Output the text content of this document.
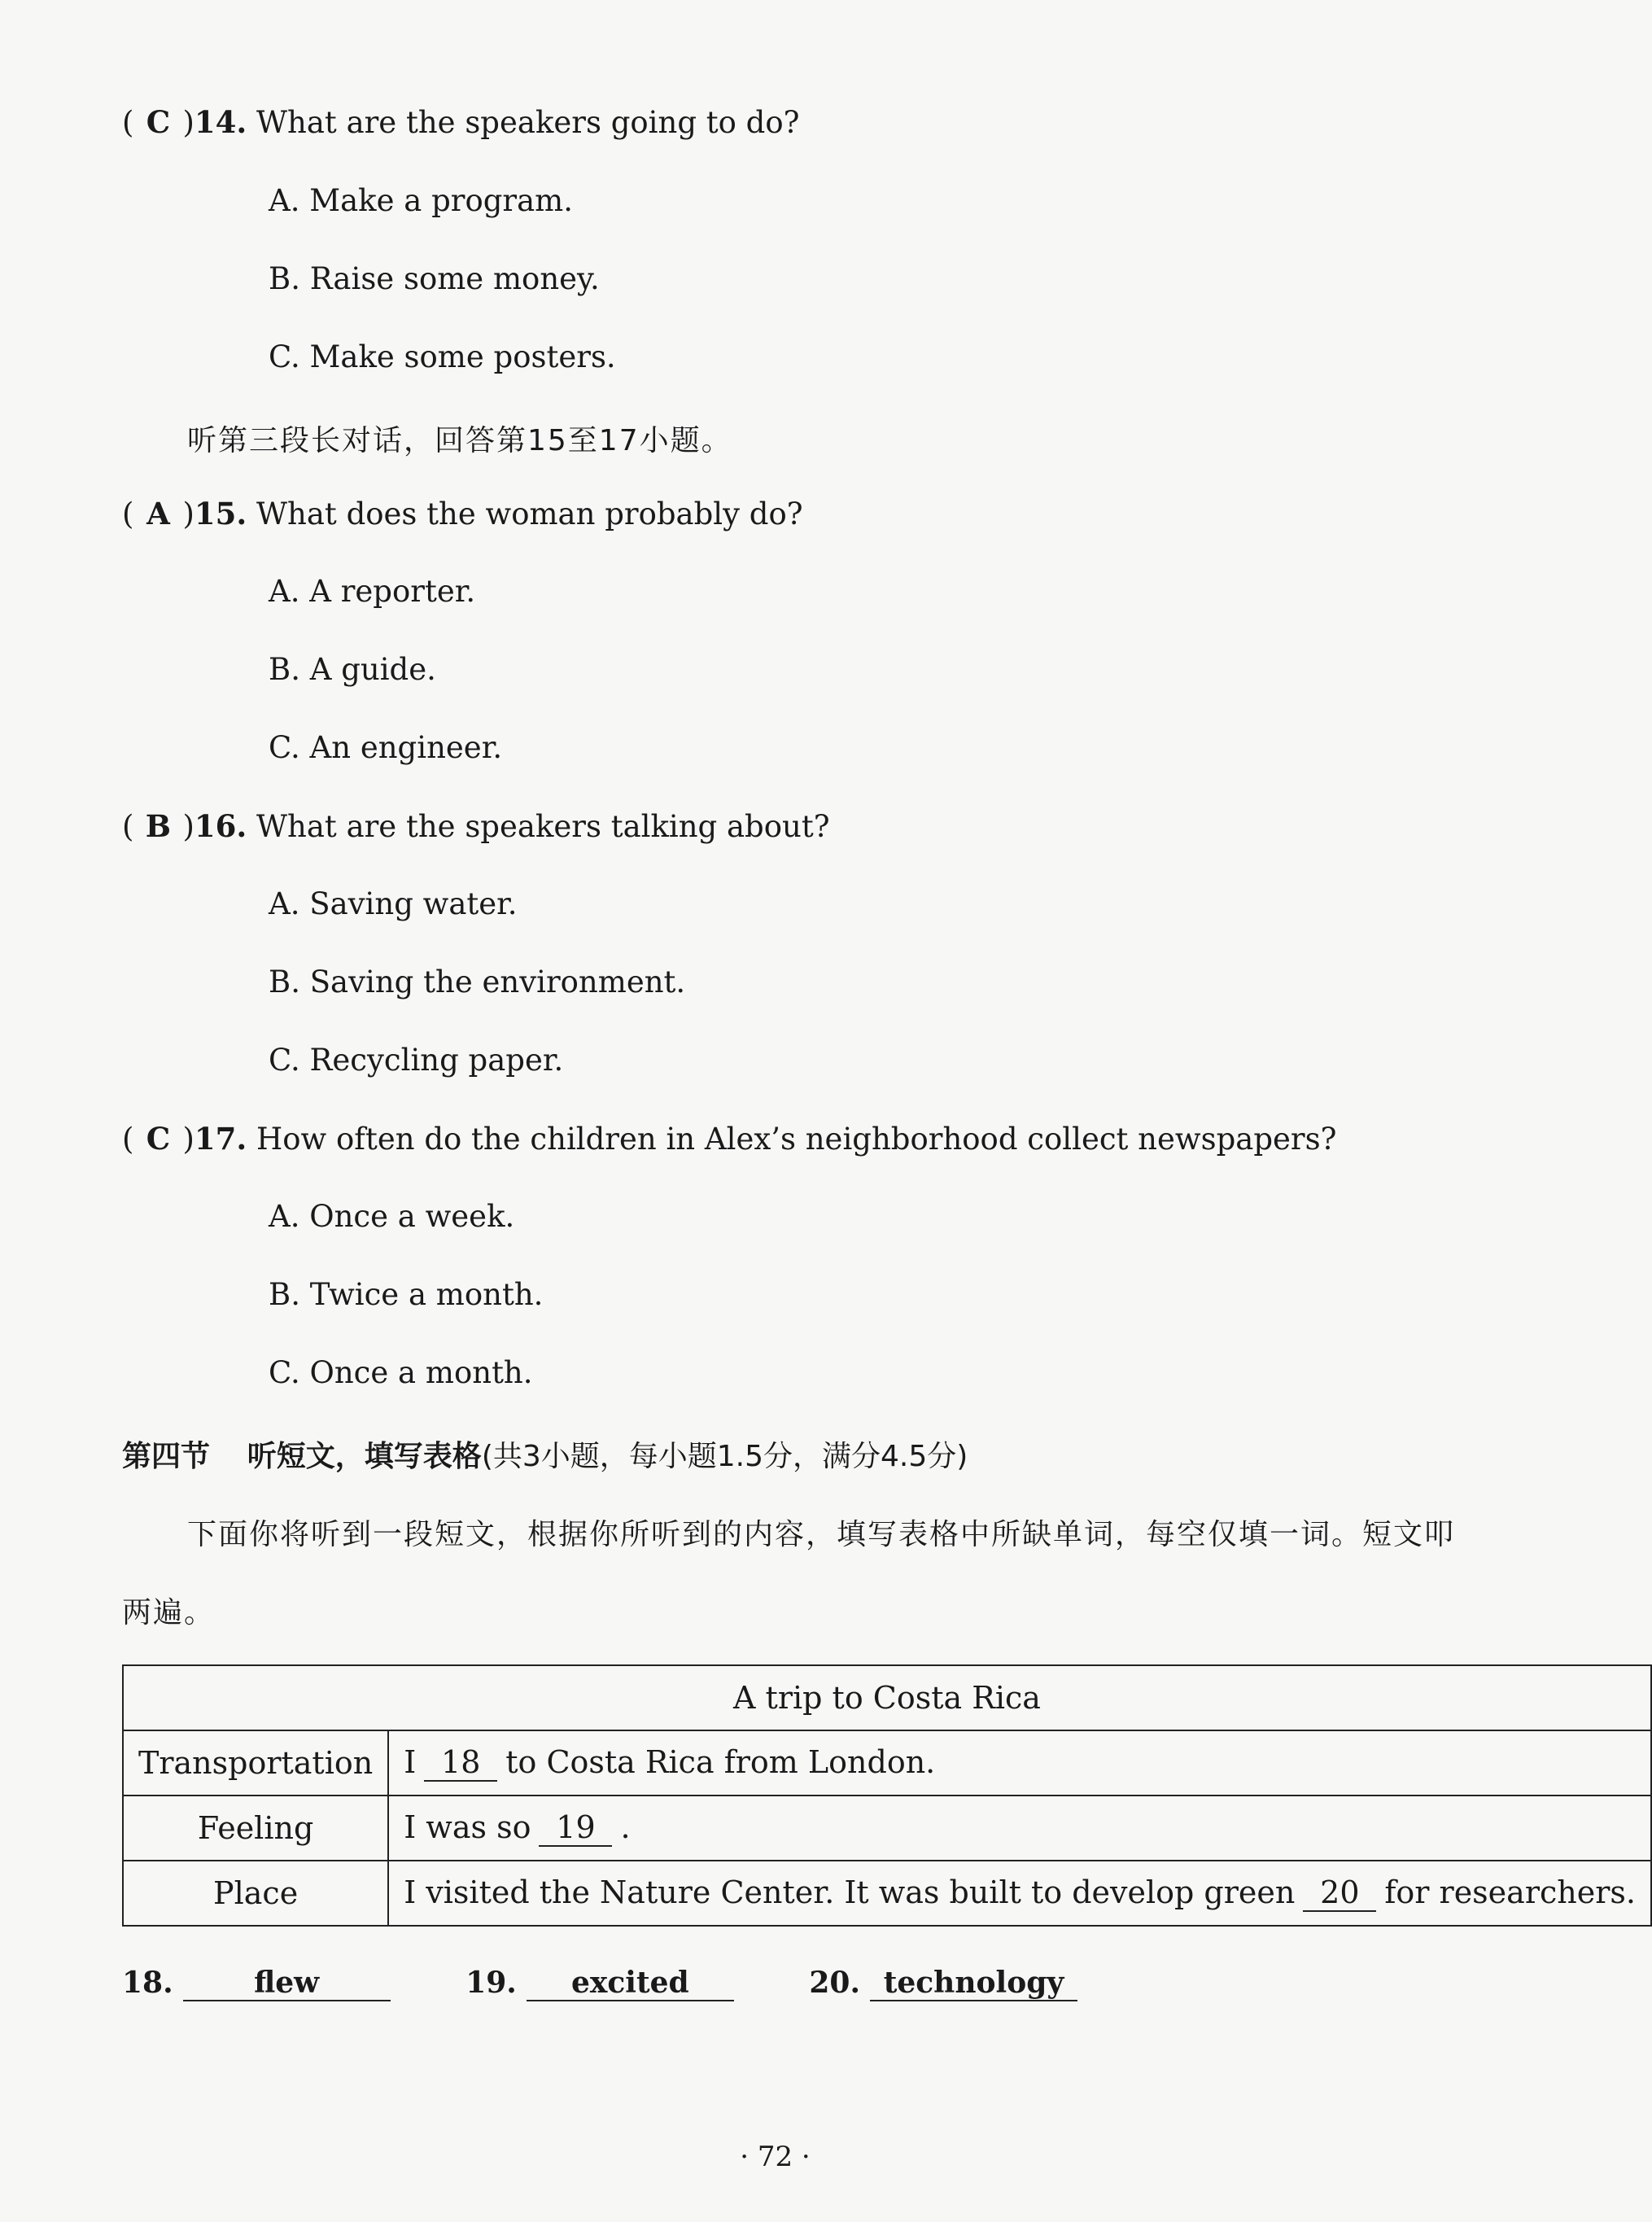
( C )14. What are the speakers going to do?
A. Make a program.
B. Raise some money.
C. Make some posters.
听第三段长对话，回答第15至17小题。
( A )15. What does the woman probably do?
A. A reporter.
B. A guide.
C. An engineer.
( B )16. What are the speakers talking about?
A. Saving water.
B. Saving the environment.
C. Recycling paper.
( C )17. How often do the children in Alex’s neighborhood collect newspapers?
A. Once a week.
B. Twice a month.
C. Once a month.
第四节 听短文，填写表格(共3小题，每小题1.5分，满分4.5分)
下面你将听到一段短文，根据你所听到的内容，填写表格中所缺单词，每空仅填一词。短文叩
两遍。
A trip to Costa Rica	
Transportation	I 18 to Costa Rica from London.
Feeling	I was so 19 .
Place	I visited the Nature Center. It was built to develop green 20 for researchers.
18.	flew	19. excited	20. technology
· 72 ·
